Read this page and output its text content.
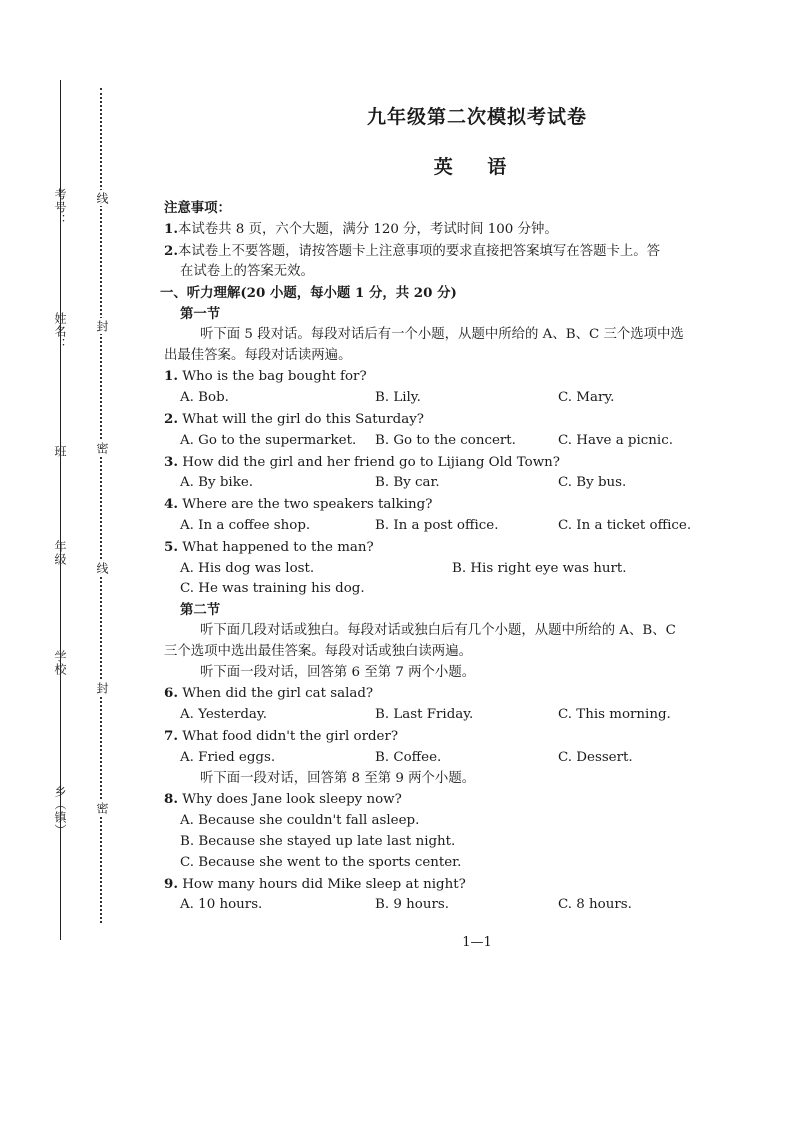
考号：
姓名：
班
年级
学校
乡（镇）
线
封
密
线
封
密
九年级第二次模拟考试卷
英 语
注意事项：
1.本试卷共 8 页，六个大题，满分 120 分，考试时间 100 分钟。
2.本试卷上不要答题，请按答题卡上注意事项的要求直接把答案填写在答题卡上。答
在试卷上的答案无效。
一、听力理解(20 小题，每小题 1 分，共 20 分)
第一节
听下面 5 段对话。每段对话后有一个小题，从题中所给的 A、B、C 三个选项中选
出最佳答案。每段对话读两遍。
1. Who is the bag bought for?
A. Bob.	B. Lily.	C. Mary.
2. What will the girl do this Saturday?
A. Go to the supermarket.	B. Go to the concert.	C. Have a picnic.
3. How did the girl and her friend go to Lijiang Old Town?
A. By bike.	B. By car.	C. By bus.
4. Where are the two speakers talking?
A. In a coffee shop.	B. In a post office.	C. In a ticket office.
5. What happened to the man?
A. His dog was lost.	B. His right eye was hurt.
C. He was training his dog.
第二节
听下面几段对话或独白。每段对话或独白后有几个小题，从题中所给的 A、B、C
三个选项中选出最佳答案。每段对话或独白读两遍。
听下面一段对话，回答第 6 至第 7 两个小题。
6. When did the girl cat salad?
A. Yesterday.	B. Last Friday.	C. This morning.
7. What food didn't the girl order?
A. Fried eggs.	B. Coffee.	C. Dessert.
听下面一段对话，回答第 8 至第 9 两个小题。
8. Why does Jane look sleepy now?
A. Because she couldn't fall asleep.
B. Because she stayed up late last night.
C. Because she went to the sports center.
9. How many hours did Mike sleep at night?
A. 10 hours.	B. 9 hours.	C. 8 hours.
1—1
